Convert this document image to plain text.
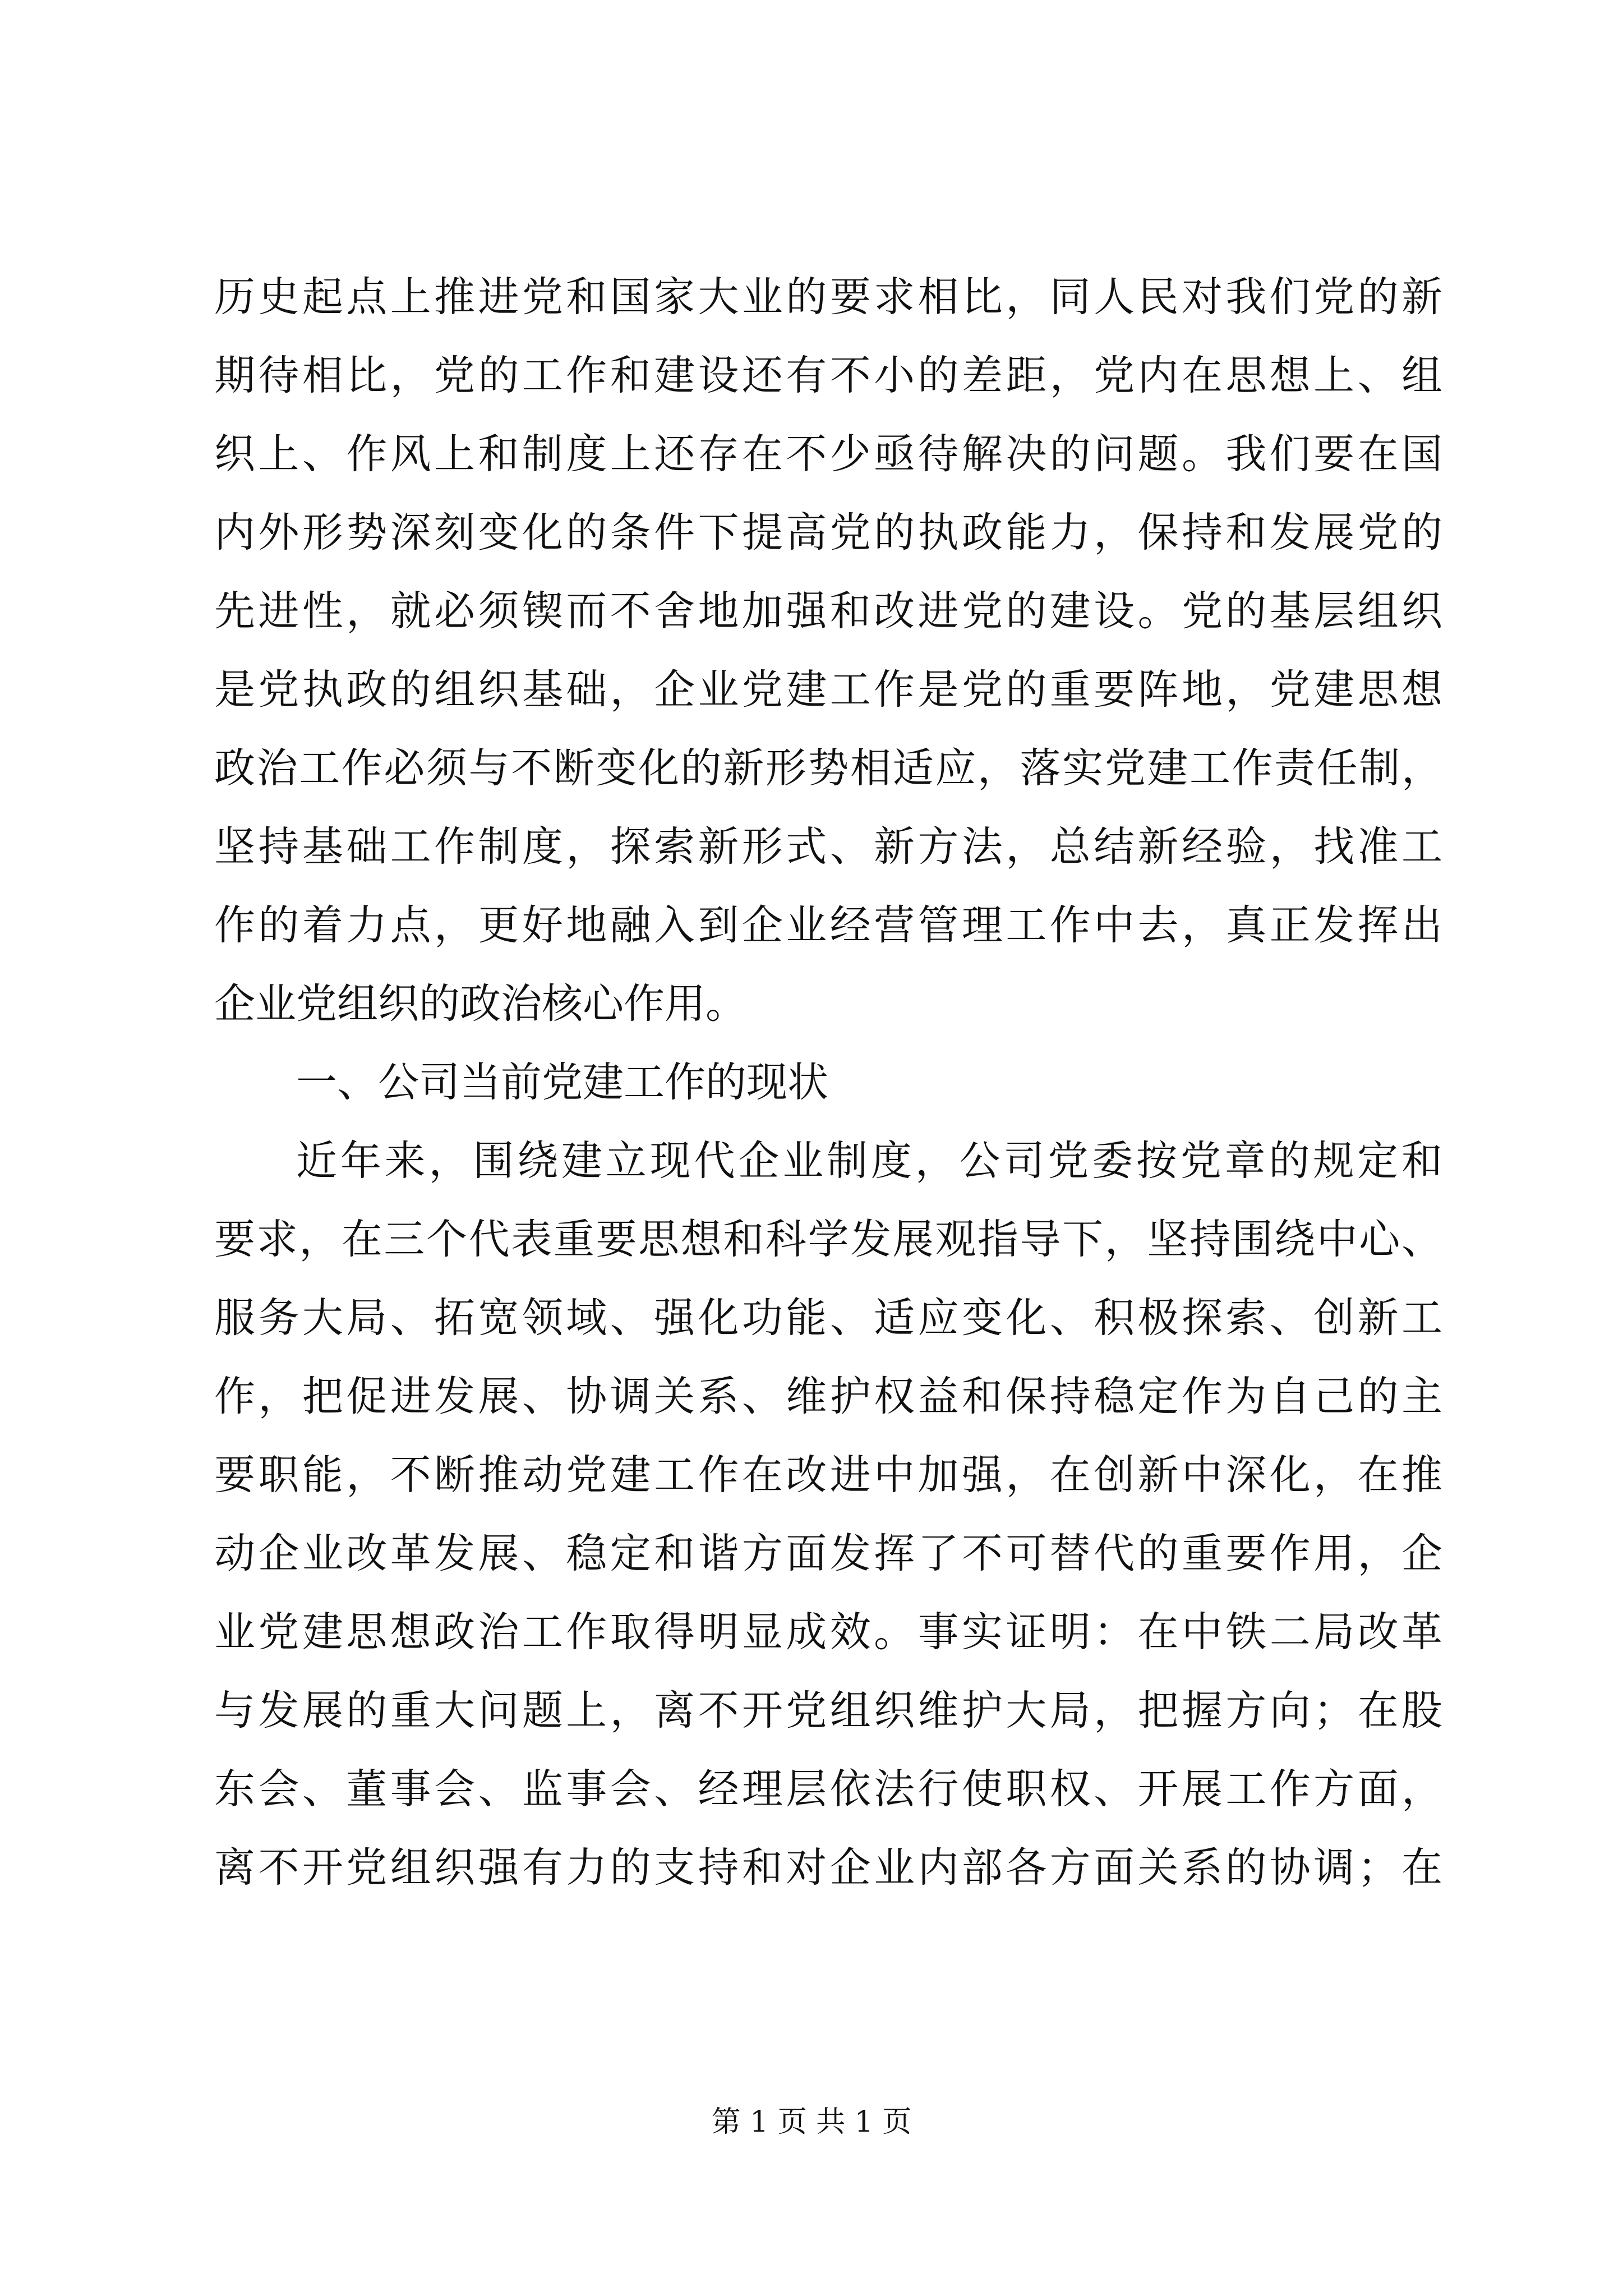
历史起点上推进党和国家大业的要求相比，同人民对我们党的新
期待相比，党的工作和建设还有不小的差距，党内在思想上、组
织上、作风上和制度上还存在不少亟待解决的问题。我们要在国
内外形势深刻变化的条件下提高党的执政能力，保持和发展党的
先进性，就必须锲而不舍地加强和改进党的建设。党的基层组织
是党执政的组织基础，企业党建工作是党的重要阵地，党建思想
政治工作必须与不断变化的新形势相适应，落实党建工作责任制，
坚持基础工作制度，探索新形式、新方法，总结新经验，找准工
作的着力点，更好地融入到企业经营管理工作中去，真正发挥出
企业党组织的政治核心作用。
一、公司当前党建工作的现状
近年来，围绕建立现代企业制度，公司党委按党章的规定和
要求，在三个代表重要思想和科学发展观指导下，坚持围绕中心、
服务大局、拓宽领域、强化功能、适应变化、积极探索、创新工
作，把促进发展、协调关系、维护权益和保持稳定作为自己的主
要职能，不断推动党建工作在改进中加强，在创新中深化，在推
动企业改革发展、稳定和谐方面发挥了不可替代的重要作用，企
业党建思想政治工作取得明显成效。事实证明：在中铁二局改革
与发展的重大问题上，离不开党组织维护大局，把握方向；在股
东会、董事会、监事会、经理层依法行使职权、开展工作方面，
离不开党组织强有力的支持和对企业内部各方面关系的协调；在
第 1 页 共 1 页
